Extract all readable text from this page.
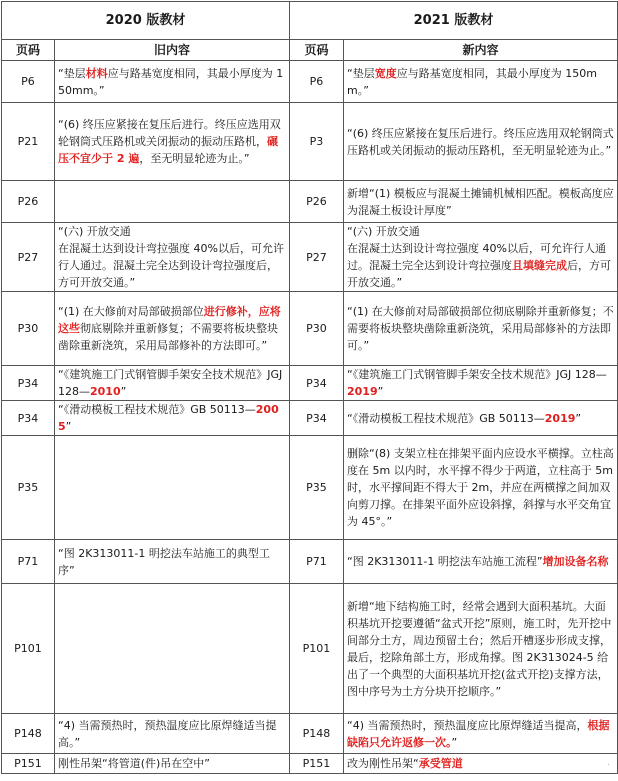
2020 版教材	2021 版教材
页码	旧内容	页码	新内容
P6	“垫层材料应与路基宽度相同，其最小厚度为 150mm。”	P6	“垫层宽度应与路基宽度相同，其最小厚度为 150mm。”
P21	“(6) 终压应紧接在复压后进行。终压应选用双轮钢筒式压路机或关闭振动的振动压路机，碾压不宜少于 2 遍，至无明显轮迹为止。”	P3	“(6) 终压应紧接在复压后进行。终压应选用双轮钢筒式压路机或关闭振动的振动压路机，至无明显轮迹为止。”
P26		P26	新增“(1) 模板应与混凝土摊铺机械相匹配。模板高度应为混凝土板设计厚度”
P27	“(六) 开放交通
在混凝土达到设计弯拉强度 40%以后，可允许行人通过。混凝土完全达到设计弯拉强度后，方可开放交通。”	P27	“(六) 开放交通
在混凝土达到设计弯拉强度 40%以后，可允许行人通过。混凝土完全达到设计弯拉强度且填缝完成后，方可开放交通。”
P30	“(1) 在大修前对局部破损部位进行修补，应将这些彻底剔除并重新修复；不需要将板块整块凿除重新浇筑，采用局部修补的方法即可。”	P30	“(1) 在大修前对局部破损部位彻底剔除并重新修复；不需要将板块整块凿除重新浇筑，采用局部修补的方法即可。”
P34	“《建筑施工门式钢管脚手架安全技术规范》JGJ 128—2010”	P34	“《建筑施工门式钢管脚手架安全技术规范》JGJ 128—2019”
P34	“《滑动模板工程技术规范》GB 50113—2005”	P34	“《滑动模板工程技术规范》GB 50113—2019”
P35		P35	删除“(8) 支架立柱在排架平面内应设水平横撑。立柱高度在 5m 以内时，水平撑不得少于两道，立柱高于 5m 时，水平撑间距不得大于 2m，并应在两横撑之间加双向剪刀撑。在排架平面外应设斜撑，斜撑与水平交角宜为 45°。”
P71	“图 2K313011-1 明挖法车站施工的典型工序”	P71	“图 2K313011-1 明挖法车站施工流程”增加设备名称
P101		P101	新增“地下结构施工时，经常会遇到大面积基坑。大面积基坑开挖要遵循“盆式开挖”原则，施工时，先开挖中间部分土方，周边预留土台；然后开槽逐步形成支撑，最后，挖除角部土方，形成角撑。图 2K313024-5 给出了一个典型的大面积基坑开挖(盆式开挖)支撑方法，图中序号为土方分块开挖顺序。”
P148	“4) 当需预热时，预热温度应比原焊缝适当提高。”	P148	“4) 当需预热时，预热温度应比原焊缝适当提高，根据缺陷只允许返修一次。”
P151	刚性吊架“将管道(件)吊在空中”	P151	改为刚性吊架“承受管道	.
